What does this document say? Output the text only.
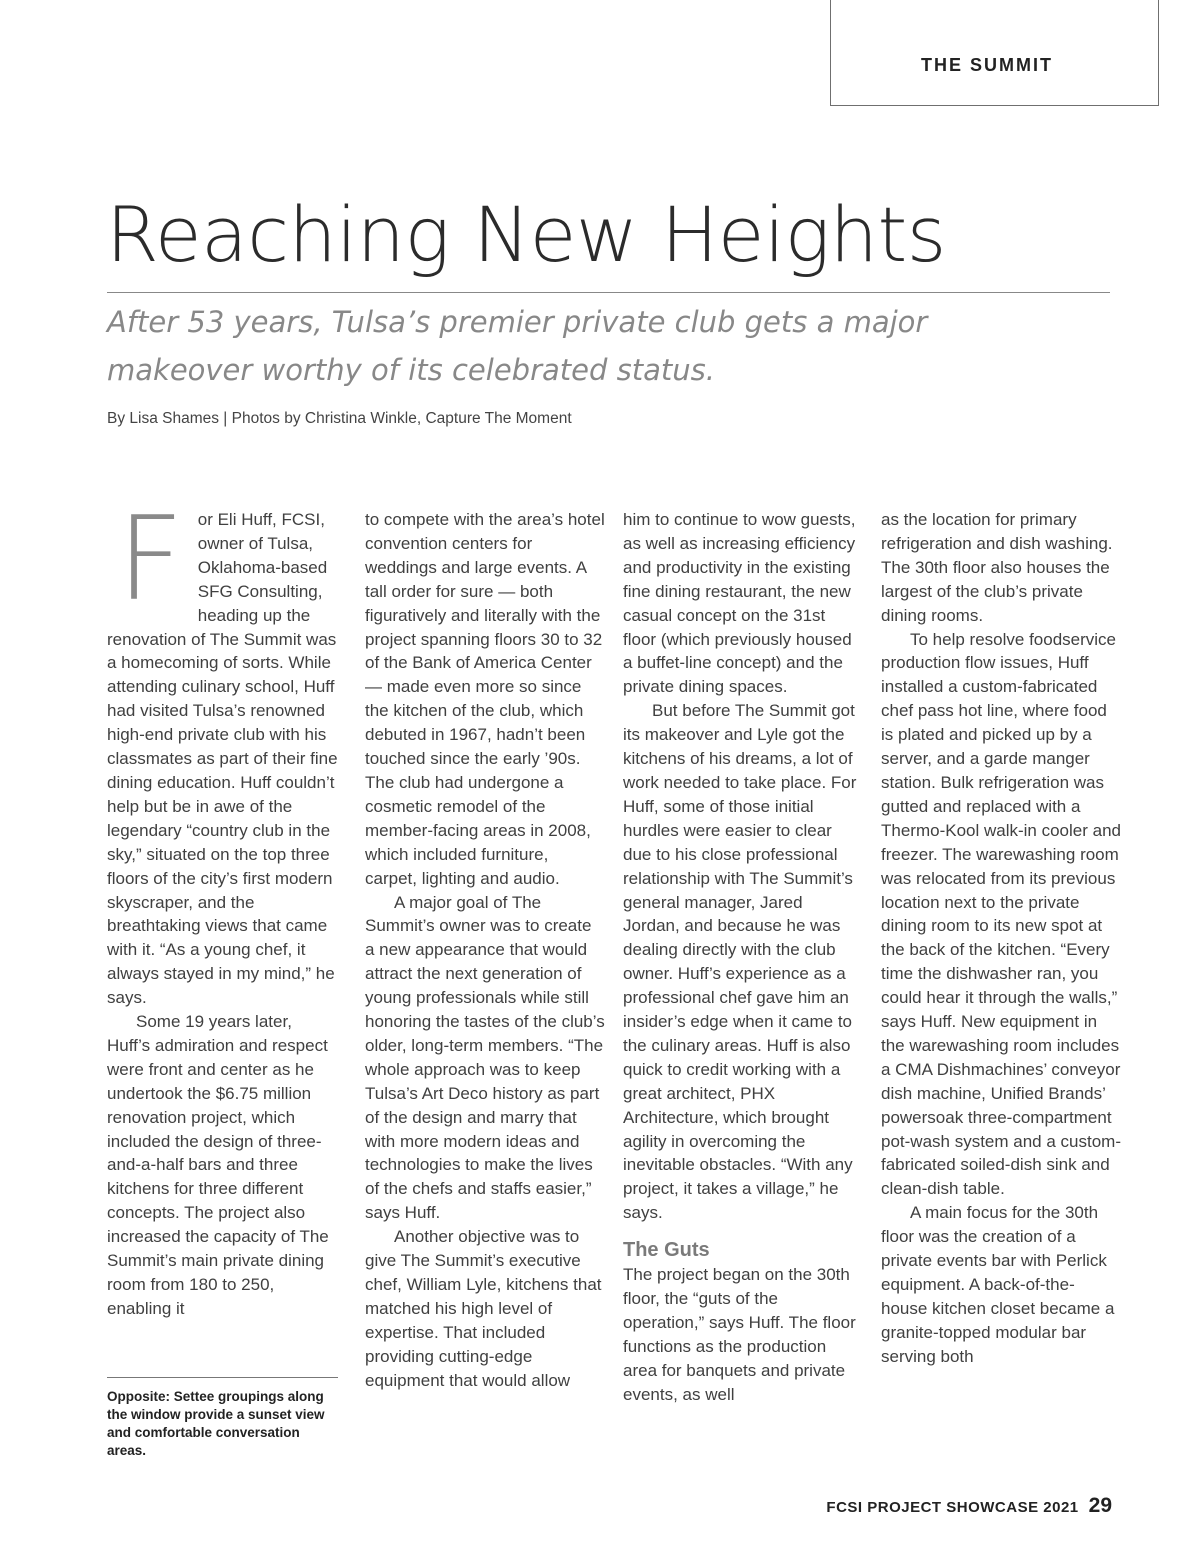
THE SUMMIT
Reaching New Heights
After 53 years, Tulsa’s premier private club gets a major makeover worthy of its celebrated status.
By Lisa Shames | Photos by Christina Winkle, Capture The Moment
F or Eli Huff, FCSI, owner of Tulsa, Oklahoma-based SFG Consulting, heading up the renovation of The Summit was a homecoming of sorts. While attending culinary school, Huff had visited Tulsa’s renowned high-end private club with his classmates as part of their fine dining education. Huff couldn’t help but be in awe of the legendary “country club in the sky,” situated on the top three floors of the city’s first modern skyscraper, and the breathtaking views that came with it. “As a young chef, it always stayed in my mind,” he says.

Some 19 years later, Huff’s admiration and respect were front and center as he undertook the $6.75 million renovation project, which included the design of three-and-a-half bars and three kitchens for three different concepts. The project also increased the capacity of The Summit’s main private dining room from 180 to 250, enabling it

to compete with the area’s hotel convention centers for weddings and large events. A tall order for sure — both figuratively and literally with the project spanning floors 30 to 32 of the Bank of America Center — made even more so since the kitchen of the club, which debuted in 1967, hadn’t been touched since the early ’90s. The club had undergone a cosmetic remodel of the member-facing areas in 2008, which included furniture, carpet, lighting and audio.

A major goal of The Summit’s owner was to create a new appearance that would attract the next generation of young professionals while still honoring the tastes of the club’s older, long-term members. “The whole approach was to keep Tulsa’s Art Deco history as part of the design and marry that with more modern ideas and technologies to make the lives of the chefs and staffs easier,” says Huff.

Another objective was to give The Summit’s executive chef, William Lyle, kitchens that matched his high level of expertise. That included providing cutting-edge equipment that would allow

him to continue to wow guests, as well as increasing efficiency and productivity in the existing fine dining restaurant, the new casual concept on the 31st floor (which previously housed a buffet-line concept) and the private dining spaces.

But before The Summit got its makeover and Lyle got the kitchens of his dreams, a lot of work needed to take place. For Huff, some of those initial hurdles were easier to clear due to his close professional relationship with The Summit’s general manager, Jared Jordan, and because he was dealing directly with the club owner. Huff’s experience as a professional chef gave him an insider’s edge when it came to the culinary areas. Huff is also quick to credit working with a great architect, PHX Architecture, which brought agility in overcoming the inevitable obstacles. “With any project, it takes a village,” he says.

The Guts

The project began on the 30th floor, the “guts of the operation,” says Huff. The floor functions as the production area for banquets and private events, as well

as the location for primary refrigeration and dish washing. The 30th floor also houses the largest of the club’s private dining rooms.

To help resolve foodservice production flow issues, Huff installed a custom-fabricated chef pass hot line, where food is plated and picked up by a server, and a garde manger station. Bulk refrigeration was gutted and replaced with a Thermo-Kool walk-in cooler and freezer. The warewashing room was relocated from its previous location next to the private dining room to its new spot at the back of the kitchen. “Every time the dishwasher ran, you could hear it through the walls,” says Huff. New equipment in the warewashing room includes a CMA Dishmachines’ conveyor dish machine, Unified Brands’ powersoak three-compartment pot-wash system and a custom-fabricated soiled-dish sink and clean-dish table.

A main focus for the 30th floor was the creation of a private events bar with Perlick equipment. A back-of-the-house kitchen closet became a granite-topped modular bar serving both

Opposite: Settee groupings along the window provide a sunset view and comfortable conversation areas.
FCSI PROJECT SHOWCASE 2021 29
